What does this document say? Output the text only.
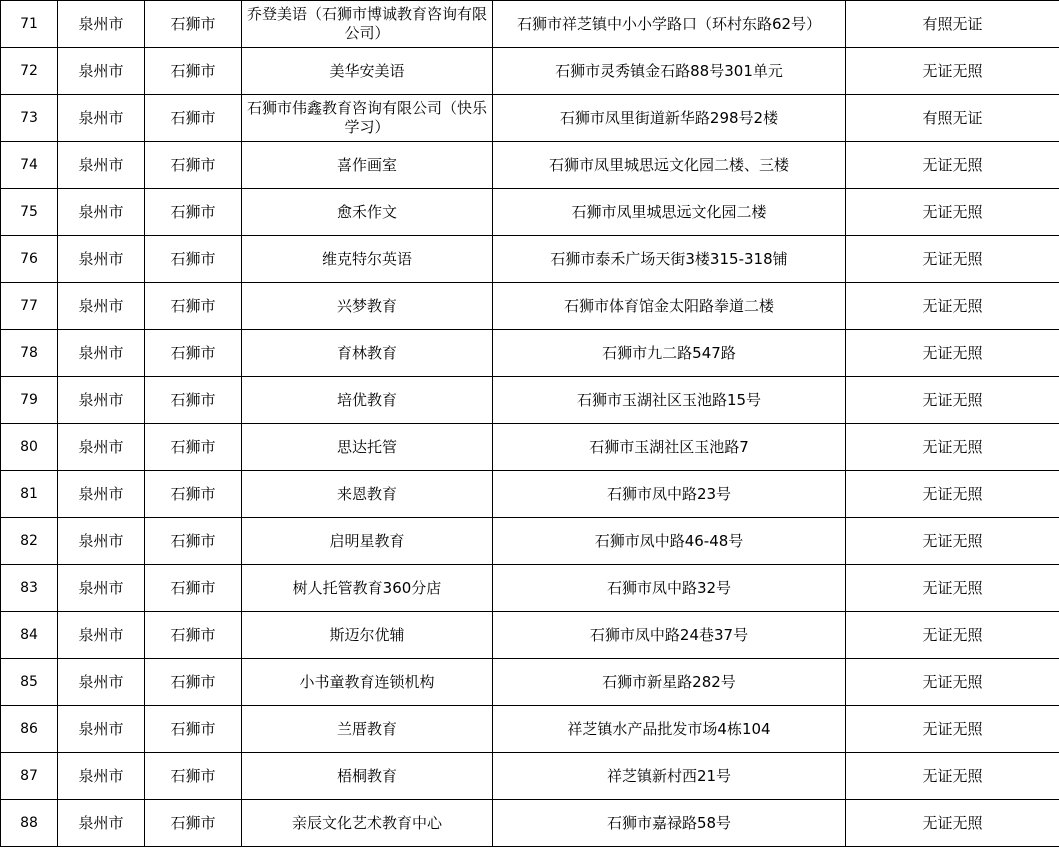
71	泉州市	石狮市	乔登美语（石狮市博诚教育咨询有限公司）	石狮市祥芝镇中小小学路口（环村东路62号）	有照无证
72	泉州市	石狮市	美华安美语	石狮市灵秀镇金石路88号301单元	无证无照
73	泉州市	石狮市	石狮市伟鑫教育咨询有限公司（快乐学习）	石狮市凤里街道新华路298号2楼	有照无证
74	泉州市	石狮市	喜作画室	石狮市凤里城思远文化园二楼、三楼	无证无照
75	泉州市	石狮市	愈禾作文	石狮市凤里城思远文化园二楼	无证无照
76	泉州市	石狮市	维克特尔英语	石狮市泰禾广场天街3楼315-318铺	无证无照
77	泉州市	石狮市	兴梦教育	石狮市体育馆金太阳路拳道二楼	无证无照
78	泉州市	石狮市	育林教育	石狮市九二路547路	无证无照
79	泉州市	石狮市	培优教育	石狮市玉湖社区玉池路15号	无证无照
80	泉州市	石狮市	思达托管	石狮市玉湖社区玉池路7	无证无照
81	泉州市	石狮市	来恩教育	石狮市凤中路23号	无证无照
82	泉州市	石狮市	启明星教育	石狮市凤中路46-48号	无证无照
83	泉州市	石狮市	树人托管教育360分店	石狮市凤中路32号	无证无照
84	泉州市	石狮市	斯迈尔优辅	石狮市凤中路24巷37号	无证无照
85	泉州市	石狮市	小书童教育连锁机构	石狮市新星路282号	无证无照
86	泉州市	石狮市	兰厝教育	祥芝镇水产品批发市场4栋104	无证无照
87	泉州市	石狮市	梧桐教育	祥芝镇新村西21号	无证无照
88	泉州市	石狮市	亲辰文化艺术教育中心	石狮市嘉禄路58号	无证无照
